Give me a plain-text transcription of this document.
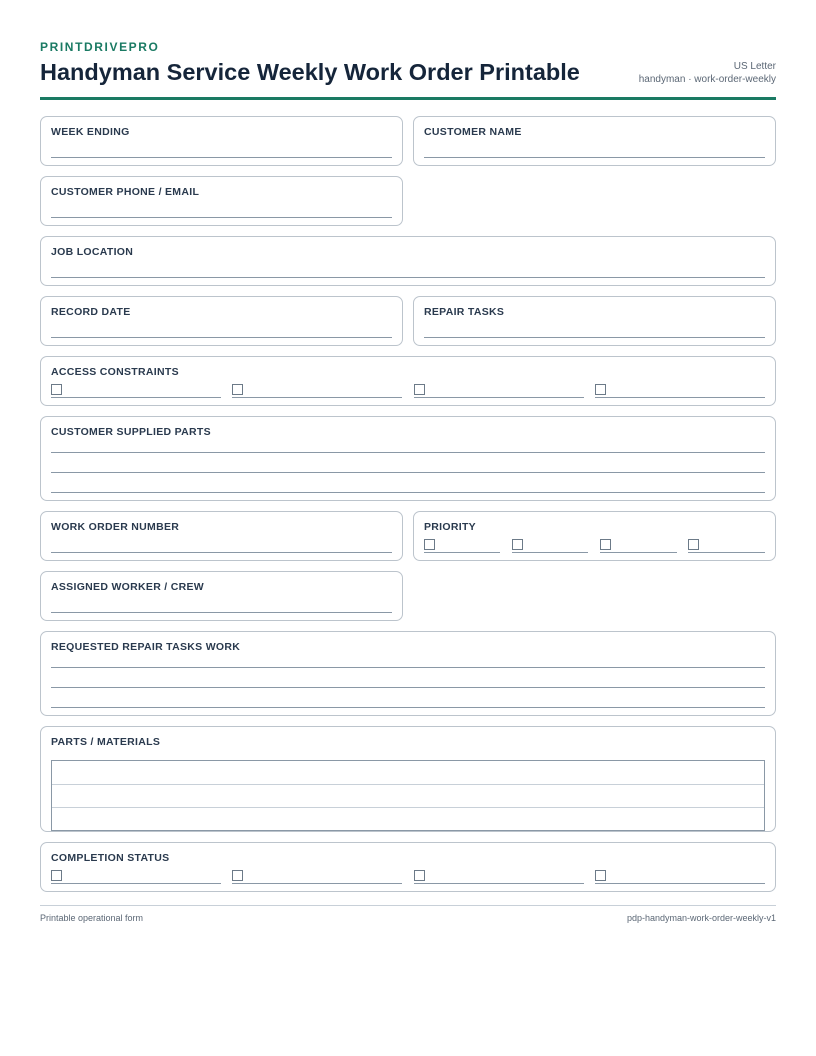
PRINTDRIVEPRO
Handyman Service Weekly Work Order Printable	US Letter
handyman · work-order-weekly
WEEK ENDING	CUSTOMER NAME
CUSTOMER PHONE / EMAIL
JOB LOCATION
RECORD DATE	REPAIR TASKS
ACCESS CONSTRAINTS
CUSTOMER SUPPLIED PARTS
WORK ORDER NUMBER	PRIORITY
ASSIGNED WORKER / CREW
REQUESTED REPAIR TASKS WORK
PARTS / MATERIALS
COMPLETION STATUS
Printable operational form	pdp-handyman-work-order-weekly-v1
